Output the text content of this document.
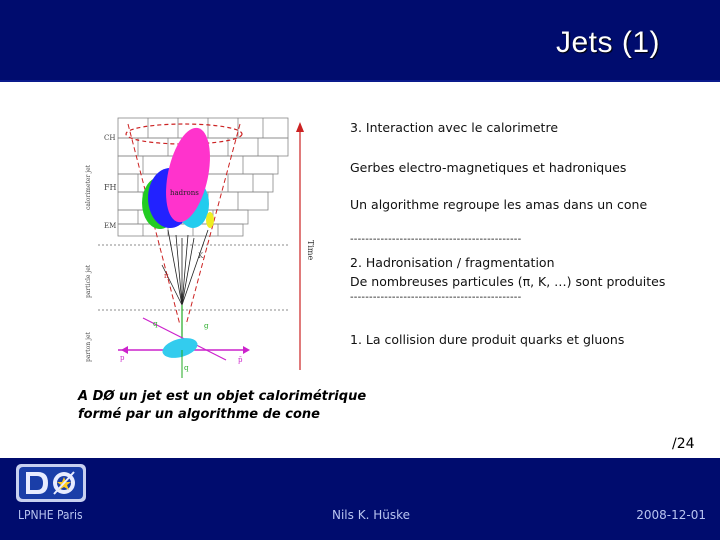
Jets (1)
CH
FH
EM
hadrons
Time
calorimeter jet
particle jet
parton jet
K
π
q	g
p	p̄
q
3. Interaction avec le calorimetre
Gerbes electro-magnetiques et hadroniques
Un algorithme regroupe les amas dans un cone
---------------------------------------------
2. Hadronisation / fragmentation
De nombreuses particules (π, K, …) sont produites
---------------------------------------------
1. La collision dure produit quarks et gluons
A DØ un jet est un objet calorimétrique
formé par un algorithme de cone
/24
LPNHE Paris	Nils K. Hüske	2008-12-01
